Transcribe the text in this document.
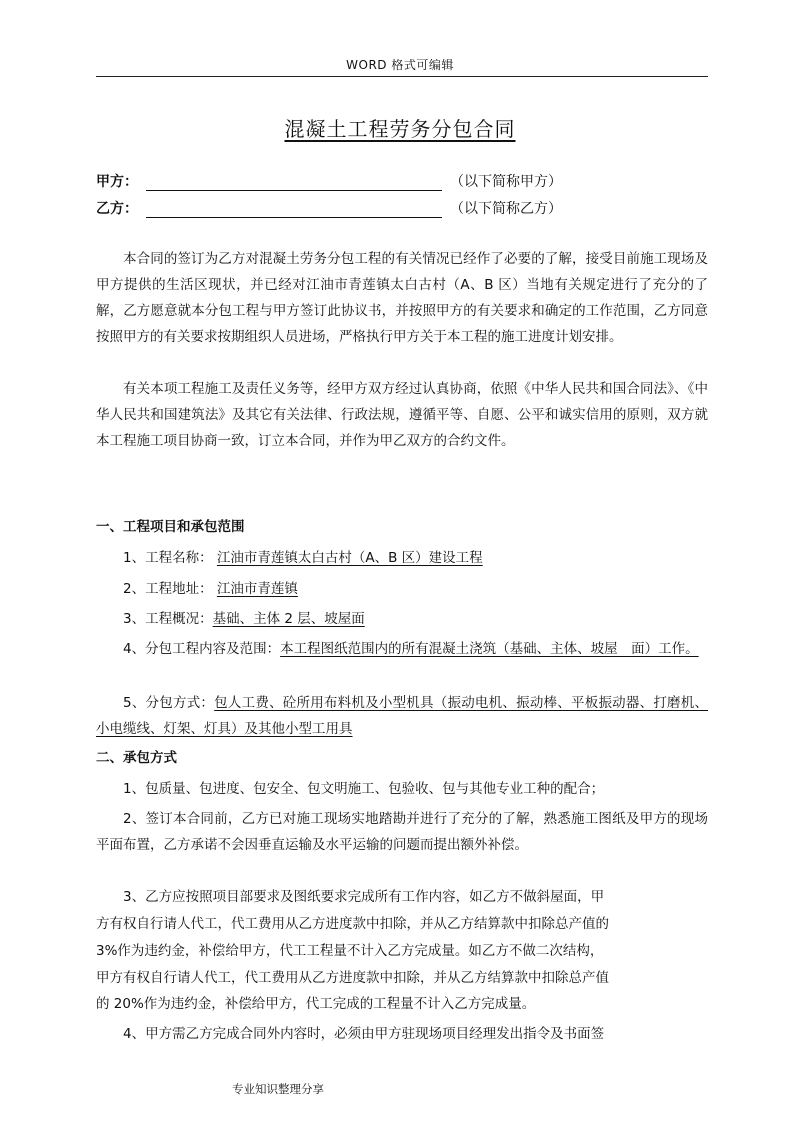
WORD 格式可编辑
混凝土工程劳务分包合同
甲方：	（以下简称甲方）
乙方：	（以下简称乙方）

本合同的签订为乙方对混凝土劳务分包工程的有关情况已经作了必要的了解，接受目前施工现场及甲方提供的生活区现状，并已经对江油市青莲镇太白古村（A、B 区）当地有关规定进行了充分的了解，乙方愿意就本分包工程与甲方签订此协议书，并按照甲方的有关要求和确定的工作范围，乙方同意按照甲方的有关要求按期组织人员进场，严格执行甲方关于本工程的施工进度计划安排。

有关本项工程施工及责任义务等，经甲方双方经过认真协商，依照《中华人民共和国合同法》、《中华人民共和国建筑法》及其它有关法律、行政法规，遵循平等、自愿、公平和诚实信用的原则，双方就本工程施工项目协商一致，订立本合同，并作为甲乙双方的合约文件。

一、工程项目和承包范围

1、工程名称： 江油市青莲镇太白古村（A、B 区）建设工程

2、工程地址： 江油市青莲镇

3、工程概况：基础、主体 2 层、坡屋面

4、分包工程内容及范围：本工程图纸范围内的所有混凝土浇筑（基础、主体、坡屋　面）工作。

5、分包方式：包人工费、砼所用布料机及小型机具（振动电机、振动棒、平板振动器、打磨机、小电缆线、灯架、灯具）及其他小型工用具

二、承包方式

1、包质量、包进度、包安全、包文明施工、包验收、包与其他专业工种的配合；

2、签订本合同前，乙方已对施工现场实地踏勘并进行了充分的了解，熟悉施工图纸及甲方的现场平面布置，乙方承诺不会因垂直运输及水平运输的问题而提出额外补偿。

3、乙方应按照项目部要求及图纸要求完成所有工作内容，如乙方不做斜屋面，甲

方有权自行请人代工，代工费用从乙方进度款中扣除，并从乙方结算款中扣除总产值的

3%作为违约金，补偿给甲方，代工工程量不计入乙方完成量。如乙方不做二次结构，

甲方有权自行请人代工，代工费用从乙方进度款中扣除，并从乙方结算款中扣除总产值

的 20%作为违约金，补偿给甲方，代工完成的工程量不计入乙方完成量。

4、甲方需乙方完成合同外内容时，必须由甲方驻现场项目经理发出指令及书面签

专业知识整理分享
